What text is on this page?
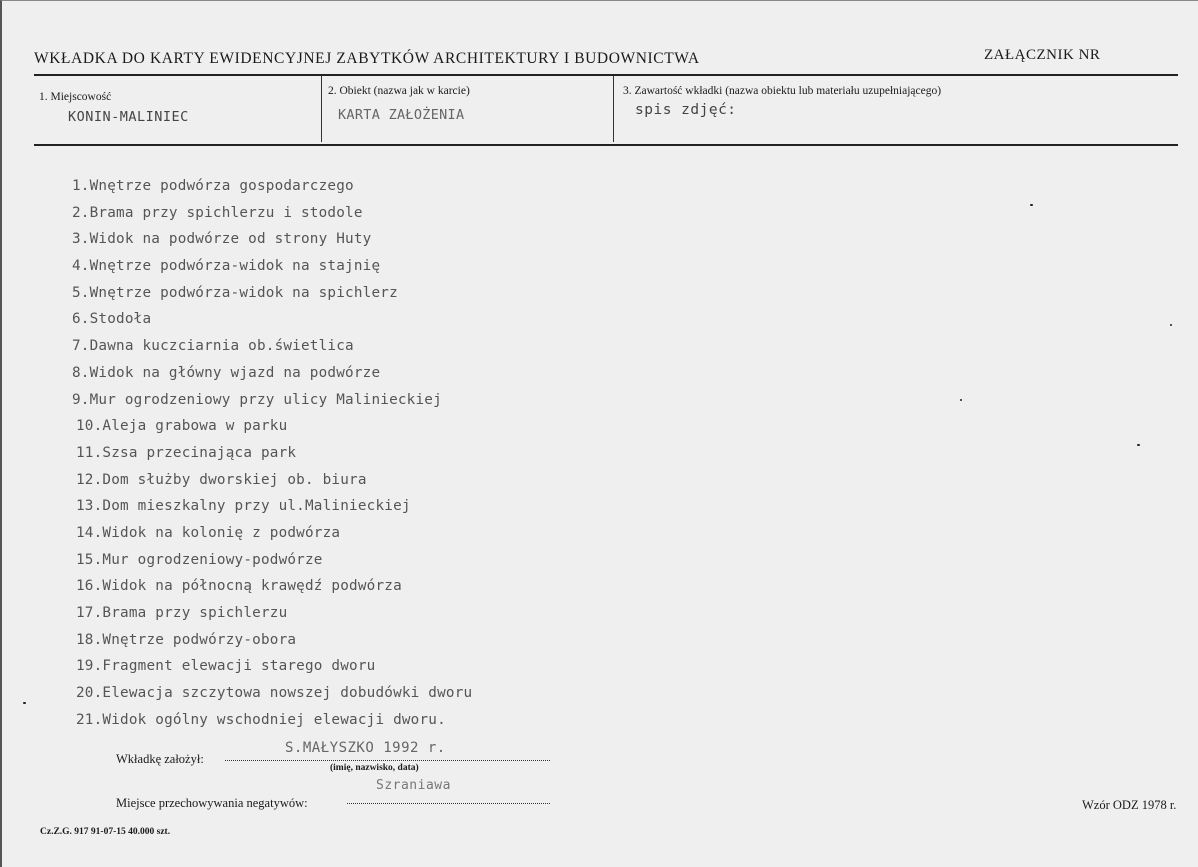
WKŁADKA DO KARTY EWIDENCYJNEJ ZABYTKÓW ARCHITEKTURY I BUDOWNICTWA	ZAŁĄCZNIK NR
1. Miejscowość
KONIN-MALINIEC
2. Obiekt (nazwa jak w karcie)
KARTA ZAŁOŻENIA
3. Zawartość wkładki (nazwa obiektu lub materiału uzupełniającego)
spis zdjęć:
1.Wnętrze podwórza gospodarczego
2.Brama przy spichlerzu i stodole
3.Widok na podwórze od strony Huty
4.Wnętrze podwórza-widok na stajnię
5.Wnętrze podwórza-widok na spichlerz
6.Stodoła
7.Dawna kuczciarnia ob.świetlica
8.Widok na główny wjazd na podwórze
9.Mur ogrodzeniowy przy ulicy Malinieckiej
10.Aleja grabowa w parku
11.Szsa przecinająca park
12.Dom służby dworskiej ob. biura
13.Dom mieszkalny przy ul.Malinieckiej
14.Widok na kolonię z podwórza
15.Mur ogrodzeniowy-podwórze
16.Widok na północną krawędź podwórza
17.Brama przy spichlerzu
18.Wnętrze podwórzy-obora
19.Fragment elewacji starego dworu
20.Elewacja szczytowa nowszej dobudówki dworu
21.Widok ogólny wschodniej elewacji dworu.
Wkładkę założył:
S.MAŁYSZKO 1992 r.
(imię, nazwisko, data)
Miejsce przechowywania negatywów:
Szraniawa
Wzór ODZ 1978 r.
Cz.Z.G. 917 91-07-15 40.000 szt.
